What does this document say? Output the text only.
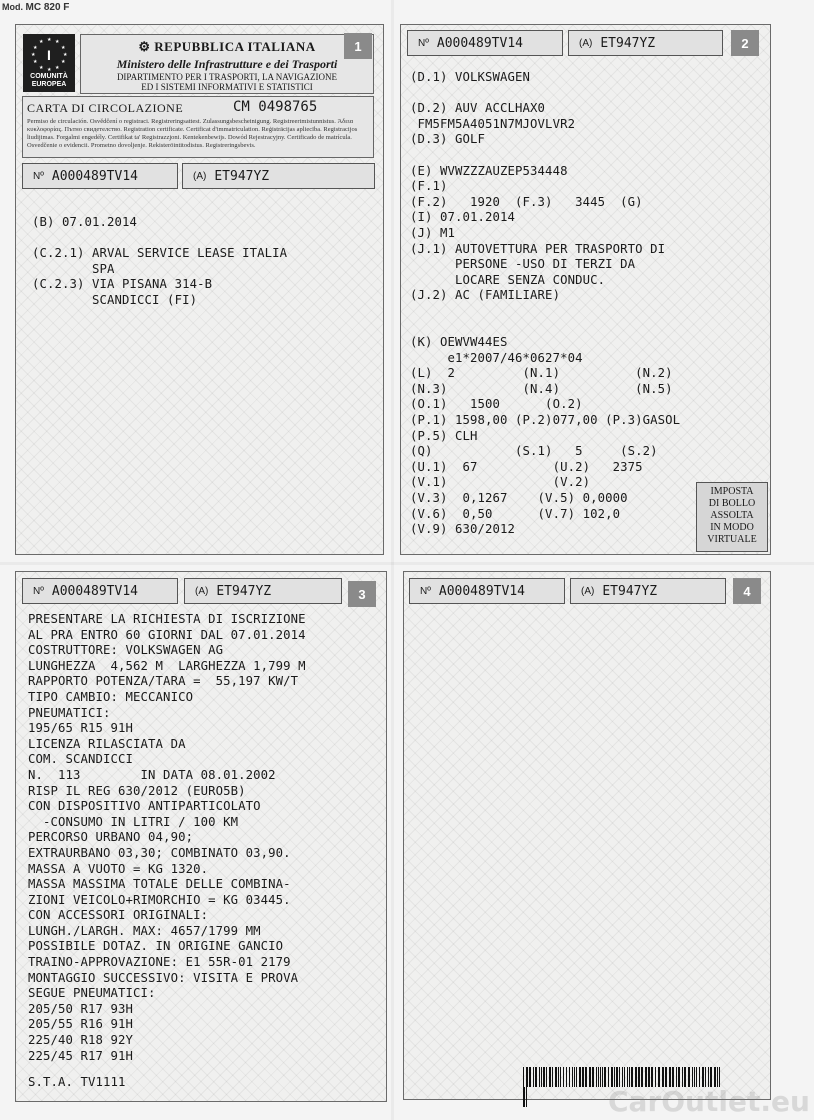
Mod. MC 820 F
★ ★
★
★
★
★
★
★
★
★
★
★
I
COMUNITÀ
EUROPEA
⚙ REPUBBLICA ITALIANA
Ministero delle Infrastrutture e dei Trasporti
DIPARTIMENTO PER I TRASPORTI, LA NAVIGAZIONE
ED I SISTEMI INFORMATIVI E STATISTICI
1
CARTA DI CIRCOLAZIONE	CM 0498765
Permiso de circulación. Osvědčení o registraci. Registreringsattest. Zulassungsbescheinigung. Registreerimistunnistus. Άδεια κυκλοφορίας. Пътно свидетелство. Registration certificate. Certificat d'immatriculation. Reģistrācijas apliecība. Registracijos liudijimas. Forgalmi engedély. Certifikat ta' Registrazzjoni. Kentekenbewijs. Dowód Rejestracyjny. Certificado de matrícula. Osvedčenie o evidencii. Prometno dovoljenje. Rekisteröintitodistus. Registreringsbevis.
Nº A000489TV14	(A) ET947YZ
(B) 07.01.2014

(C.2.1) ARVAL SERVICE LEASE ITALIA
SPA
(C.2.3) VIA PISANA 314-B
SCANDICCI (FI)
Nº A000489TV14	(A) ET947YZ	2
(D.1) VOLKSWAGEN

(D.2) AUV ACCLHAX0
FM5FM5A4051N7MJOVLVR2
(D.3) GOLF

(E) WVWZZZAUZEP534448
(F.1)
(F.2)   1920  (F.3)   3445  (G)
(I) 07.01.2014
(J) M1
(J.1) AUTOVETTURA PER TRASPORTO DI
PERSONE -USO DI TERZI DA
LOCARE SENZA CONDUC.
(J.2) AC (FAMILIARE)

(K) OEWVW44ES
e1*2007/46*0627*04
(L)  2         (N.1)          (N.2)
(N.3)          (N.4)          (N.5)
(O.1)   1500      (O.2)
(P.1) 1598,00 (P.2)077,00 (P.3)GASOL
(P.5) CLH
(Q)           (S.1)   5     (S.2)
(U.1)  67          (U.2)   2375
(V.1)              (V.2)
(V.3)  0,1267    (V.5) 0,0000
(V.6)  0,50      (V.7) 102,0
(V.9) 630/2012
IMPOSTA
DI BOLLO
ASSOLTA
IN MODO
VIRTUALE
Nº A000489TV14	(A) ET947YZ	3
PRESENTARE LA RICHIESTA DI ISCRIZIONE
AL PRA ENTRO 60 GIORNI DAL 07.01.2014
COSTRUTTORE: VOLKSWAGEN AG
LUNGHEZZA  4,562 M  LARGHEZZA 1,799 M
RAPPORTO POTENZA/TARA =  55,197 KW/T
TIPO CAMBIO: MECCANICO
PNEUMATICI:
195/65 R15 91H
LICENZA RILASCIATA DA
COM. SCANDICCI
N.  113        IN DATA 08.01.2002
RISP IL REG 630/2012 (EURO5B)
CON DISPOSITIVO ANTIPARTICOLATO
-CONSUMO IN LITRI / 100 KM
PERCORSO URBANO 04,90;
EXTRAURBANO 03,30; COMBINATO 03,90.
MASSA A VUOTO = KG 1320.
MASSA MASSIMA TOTALE DELLE COMBINA-
ZIONI VEICOLO+RIMORCHIO = KG 03445.
CON ACCESSORI ORIGINALI:
LUNGH./LARGH. MAX: 4657/1799 MM
POSSIBILE DOTAZ. IN ORIGINE GANCIO
TRAINO-APPROVAZIONE: E1 55R-01 2179
MONTAGGIO SUCCESSIVO: VISITA E PROVA
SEGUE PNEUMATICI:
205/50 R17 93H
205/55 R16 91H
225/40 R18 92Y
225/45 R17 91H
S.T.A. TV1111
Nº A000489TV14	(A) ET947YZ	4
CarOutlet.eu
